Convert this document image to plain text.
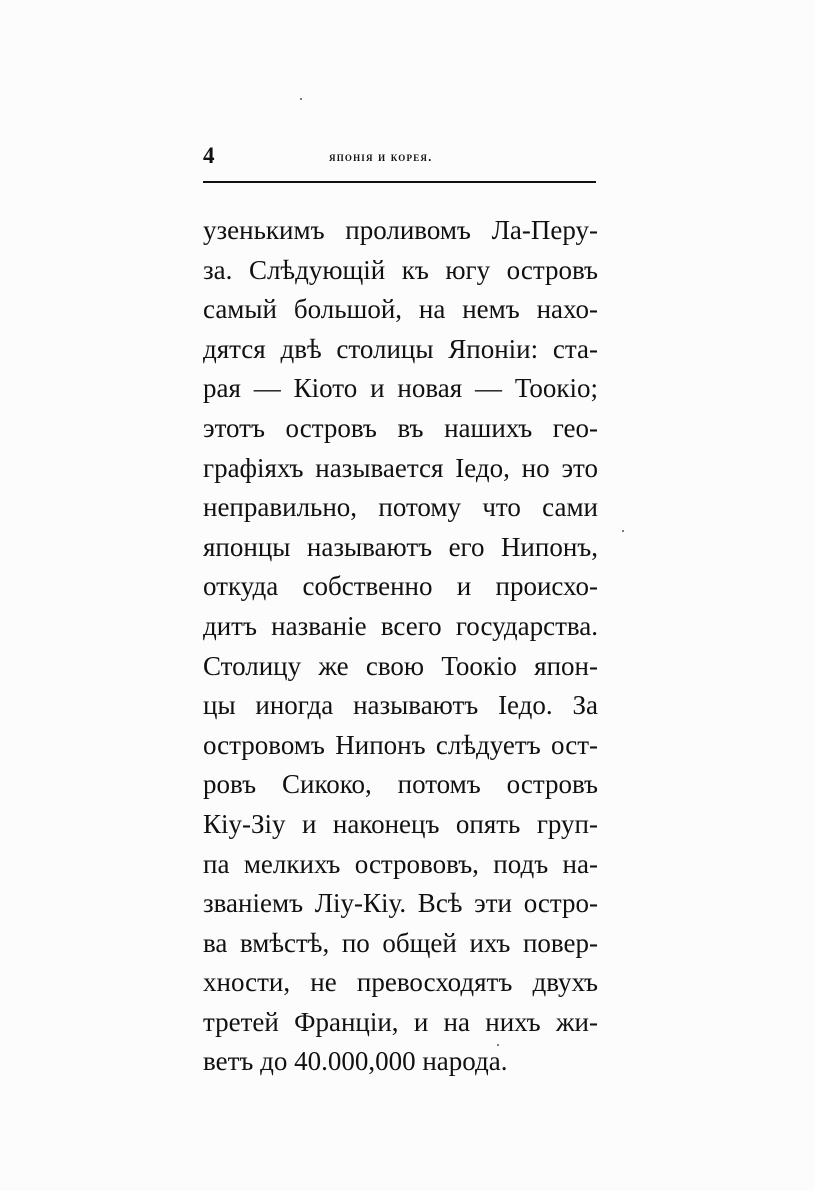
4	японія и корея.
узенькимъ проливомъ Ла-Перу-
за. Слѣдующій къ югу островъ
самый большой, на немъ нахо-
дятся двѣ столицы Японіи: ста-
рая — Кіото и новая — Тоокіо;
этотъ островъ въ нашихъ гео-
графіяхъ называется Іедо, но это
неправильно, потому что сами
японцы называютъ его Нипонъ,
откуда собственно и происхо-
дитъ названіе всего государства.
Столицу же свою Тоокіо япон-
цы иногда называютъ Іедо. За
островомъ Нипонъ слѣдуетъ ост-
ровъ Сикоко, потомъ островъ
Кіу-Зіу и наконецъ опять груп-
па мелкихъ острововъ, подъ на-
званіемъ Ліу-Кіу. Всѣ эти остро-
ва вмѣстѣ, по общей ихъ повер-
хности, не превосходятъ двухъ
третей Франціи, и на нихъ жи-
ветъ до 40.000,000 народа.
